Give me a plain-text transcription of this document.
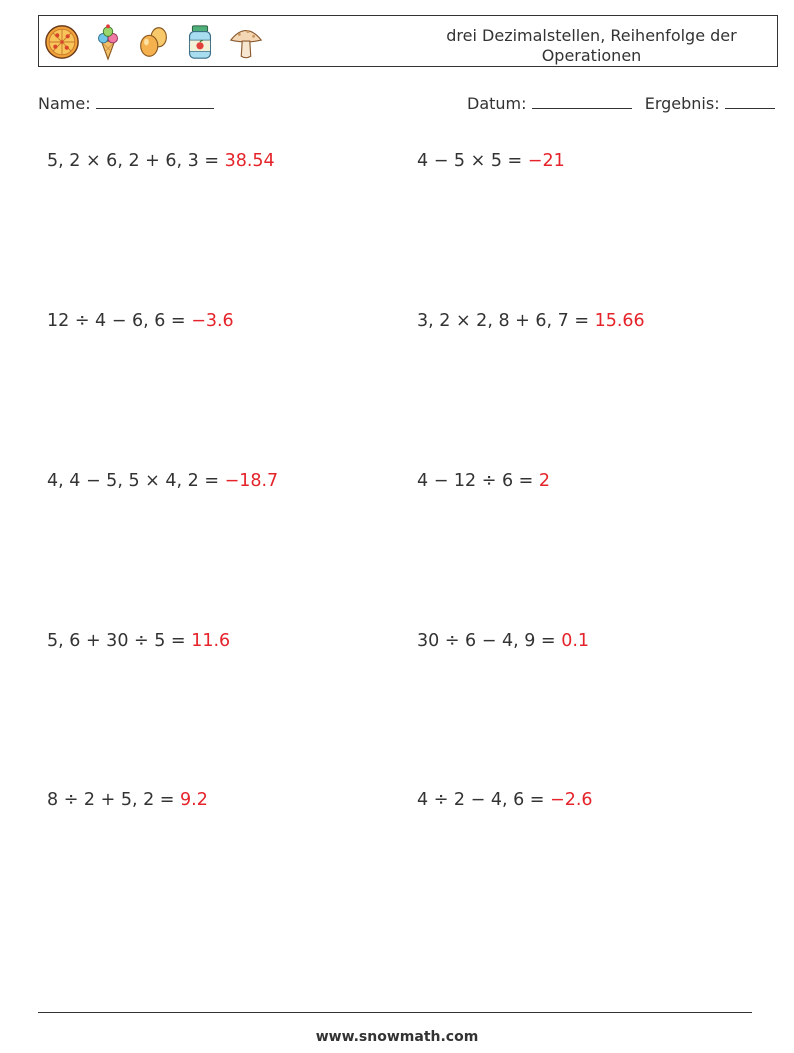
drei Dezimalstellen, Reihenfolge der Operationen
Name:	Datum:	Ergebnis:
5, 2 × 6, 2 + 6, 3 = 38.54	4 − 5 × 5 = −21
12 ÷ 4 − 6, 6 = −3.6	3, 2 × 2, 8 + 6, 7 = 15.66
4, 4 − 5, 5 × 4, 2 = −18.7	4 − 12 ÷ 6 = 2
5, 6 + 30 ÷ 5 = 11.6	30 ÷ 6 − 4, 9 = 0.1
8 ÷ 2 + 5, 2 = 9.2	4 ÷ 2 − 4, 6 = −2.6
www.snowmath.com
